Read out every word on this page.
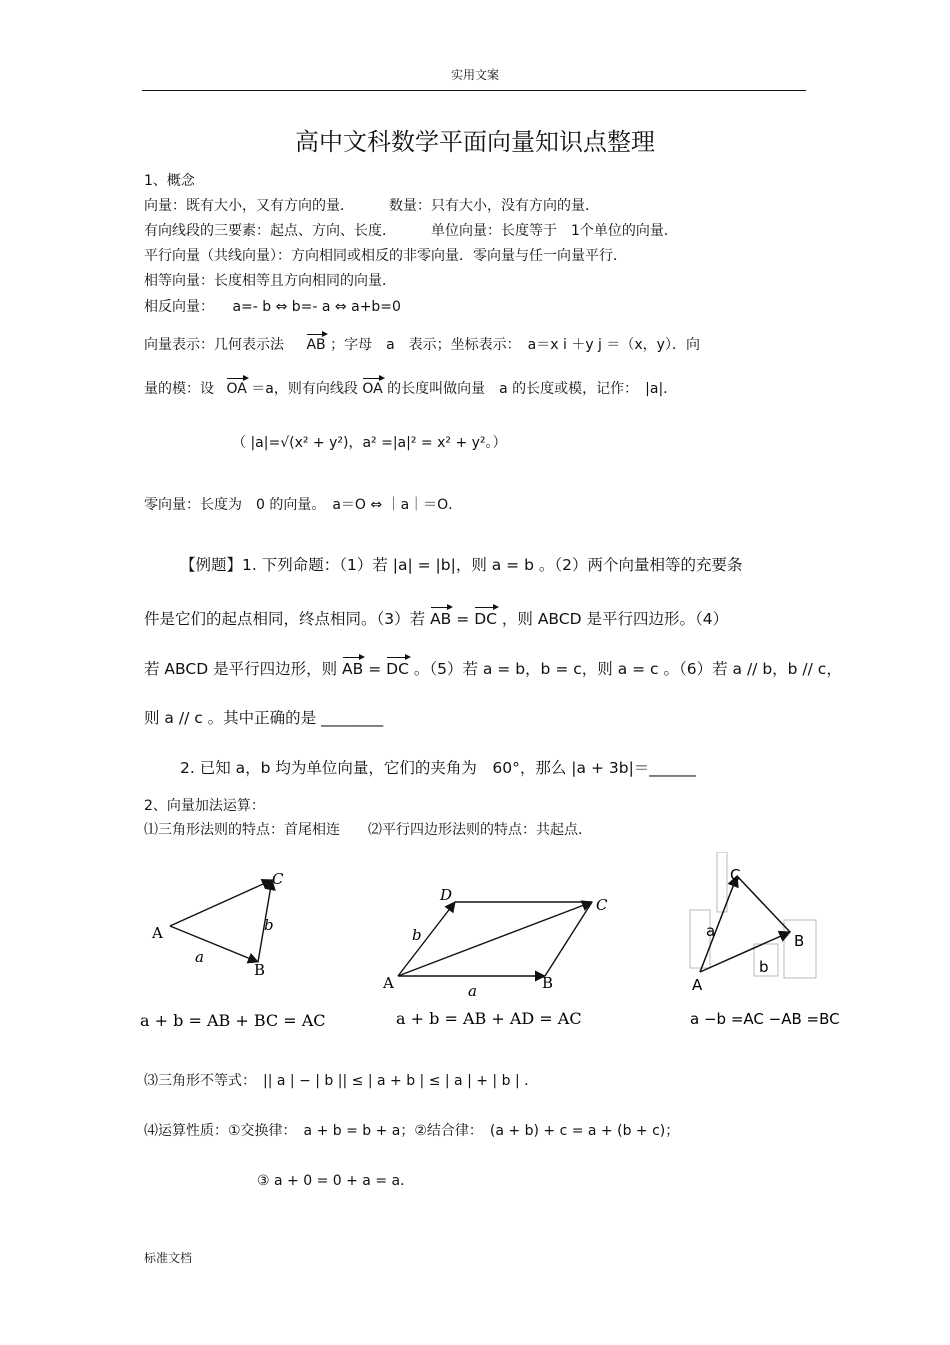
实用文案
高中文科数学平面向量知识点整理
1、概念
向量：既有大小，又有方向的量．　　　数量：只有大小，没有方向的量．
有向线段的三要素：起点、方向、长度．　　　单位向量：长度等于　1个单位的向量．
平行向量（共线向量）：方向相同或相反的非零向量．零向量与任一向量平行．
相等向量：长度相等且方向相同的向量．
相反向量： a=- b ⇔ b=- a ⇔ a+b=0
向量表示：几何表示法 AB ；字母　a　表示；坐标表示：　a＝x i ＋y j ＝（x，y）．向
量的模：设 OA ＝a，则有向线段 OA 的长度叫做向量　a 的长度或模，记作：　|a|．
（ |a|=√(x² + y²)，a² =|a|² = x² + y²。）
零向量：长度为　0 的向量。　a＝O ⇔ ｜a｜＝O．
【例题】1. 下列命题：（1）若 |a| = |b|，则 a = b 。（2）两个向量相等的充要条
件是它们的起点相同，终点相同。（3）若 AB = DC ，则 ABCD 是平行四边形。（4）
若 ABCD 是平行四边形，则 AB = DC 。（5）若 a = b，b = c，则 a = c 。（6）若 a // b，b // c，
则 a // c 。其中正确的是 ________
2. 已知 a，b 均为单位向量，它们的夹角为　60°，那么 |a + 3b|＝______
2、向量加法运算：
⑴三角形法则的特点：首尾相连　　⑵平行四边形法则的特点：共起点．
A
B
C
a
b
a + b = AB + BC = AC
A	B
C
D
a
b
a + b = AB + AD = AC
C
B
A
a
b
a −b =AC −AB =BC
⑶三角形不等式：　|| a | − | b || ≤ | a + b | ≤ | a | + | b | ．
⑷运算性质：①交换律：　a + b = b + a；②结合律：　(a + b) + c = a + (b + c)；
③ a + 0 = 0 + a = a．
标准文档
